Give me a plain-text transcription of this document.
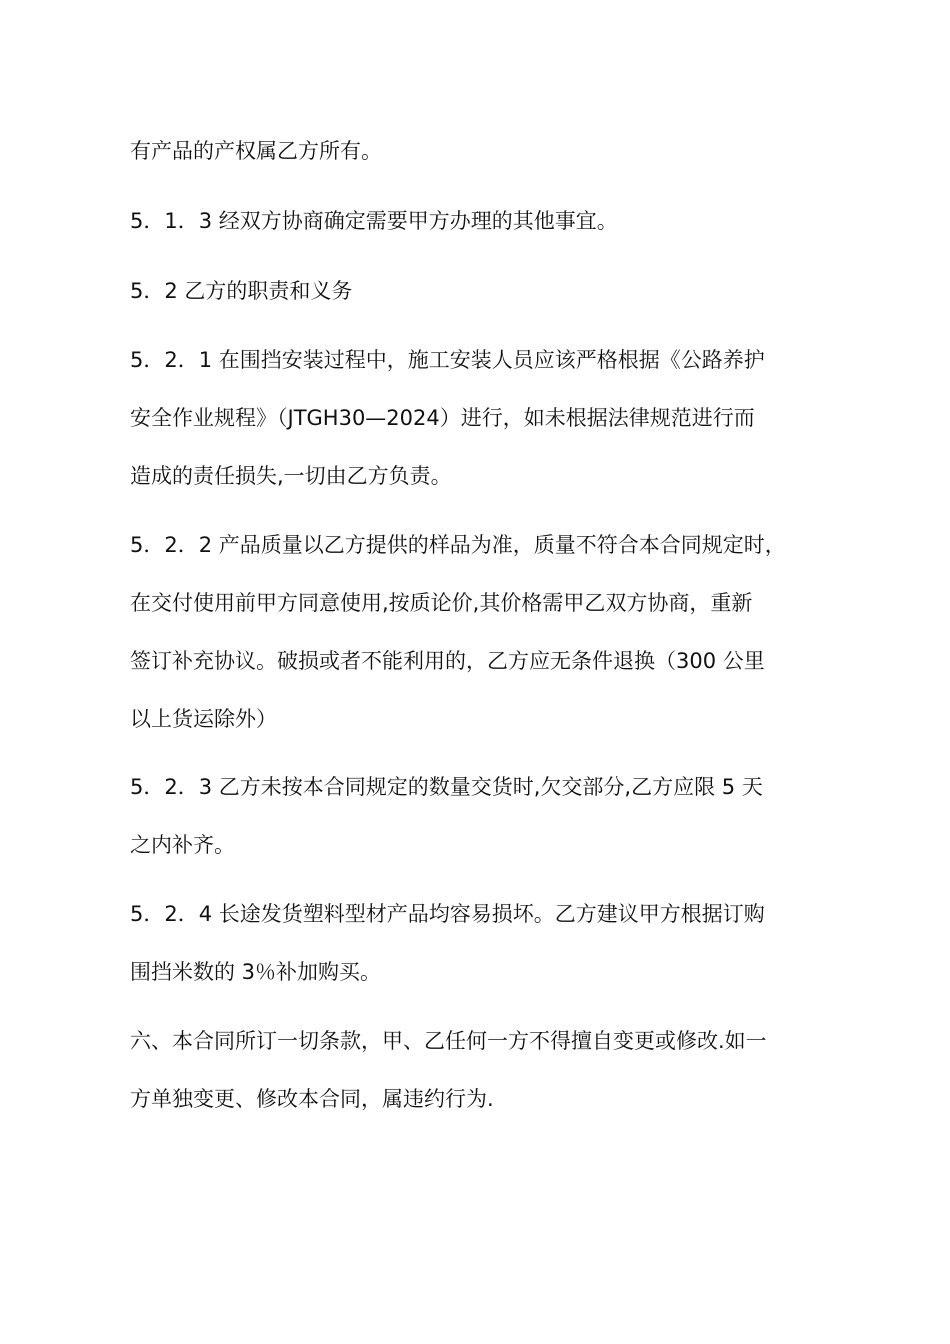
有产品的产权属乙方所有。
5．1．3 经双方协商确定需要甲方办理的其他事宜。
5．2 乙方的职责和义务
5．2．1 在围挡安装过程中，施工安装人员应该严格根据《公路养护
安全作业规程》（JTGH30—2024）进行，如未根据法律规范进行而
造成的责任损失,一切由乙方负责。
5．2．2 产品质量以乙方提供的样品为准，质量不符合本合同规定时，
在交付使用前甲方同意使用,按质论价,其价格需甲乙双方协商，重新
签订补充协议。破损或者不能利用的，乙方应无条件退换（300 公里
以上货运除外）
5．2．3 乙方未按本合同规定的数量交货时,欠交部分,乙方应限 5 天
之内补齐。
5．2．4 长途发货塑料型材产品均容易损坏。乙方建议甲方根据订购
围挡米数的 3％补加购买。
六、本合同所订一切条款，甲、乙任何一方不得擅自变更或修改.如一
方单独变更、修改本合同，属违约行为.
